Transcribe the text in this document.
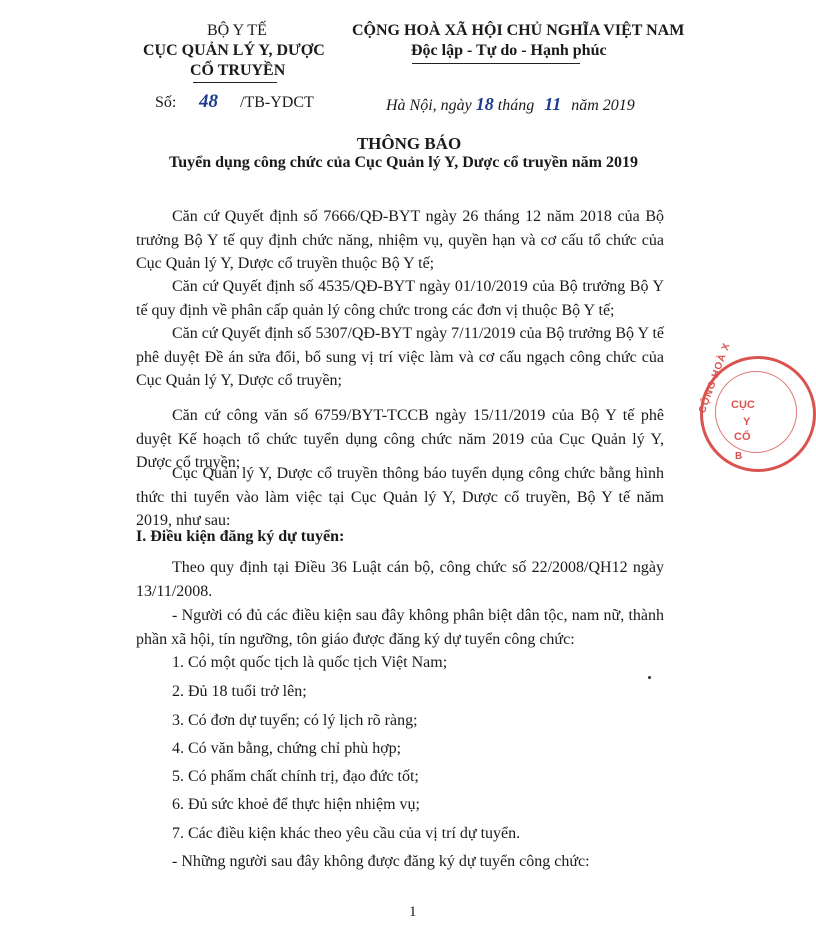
BỘ Y TẾ
CỤC QUẢN LÝ Y, DƯỢC
CỔ TRUYỀN
Số: 48 /TB-YDCT
CỘNG HOÀ XÃ HỘI CHỦ NGHĨA VIỆT NAM
Độc lập - Tự do - Hạnh phúc
Hà Nội, ngày 18 tháng 11 năm 2019
THÔNG BÁO
Tuyển dụng công chức của Cục Quản lý Y, Dược cổ truyền năm 2019

Căn cứ Quyết định số 7666/QĐ-BYT ngày 26 tháng 12 năm 2018 của Bộ trưởng Bộ Y tế quy định chức năng, nhiệm vụ, quyền hạn và cơ cấu tổ chức của Cục Quản lý Y, Dược cổ truyền thuộc Bộ Y tế;

Căn cứ Quyết định số 4535/QĐ-BYT ngày 01/10/2019 của Bộ trưởng Bộ Y tế quy định về phân cấp quản lý công chức trong các đơn vị thuộc Bộ Y tế;

Căn cứ Quyết định số 5307/QĐ-BYT ngày 7/11/2019 của Bộ trưởng Bộ Y tế phê duyệt Đề án sửa đổi, bổ sung vị trí việc làm và cơ cấu ngạch công chức của Cục Quản lý Y, Dược cổ truyền;

Căn cứ công văn số 6759/BYT-TCCB ngày 15/11/2019 của Bộ Y tế phê duyệt Kế hoạch tổ chức tuyển dụng công chức năm 2019 của Cục Quản lý Y, Dược cổ truyền;

Cục Quản lý Y, Dược cổ truyền thông báo tuyển dụng công chức bằng hình thức thi tuyển vào làm việc tại Cục Quản lý Y, Dược cổ truyền, Bộ Y tế năm 2019, như sau:

I. Điều kiện đăng ký dự tuyển:

Theo quy định tại Điều 36 Luật cán bộ, công chức số 22/2008/QH12 ngày 13/11/2008.

- Người có đủ các điều kiện sau đây không phân biệt dân tộc, nam nữ, thành phần xã hội, tín ngưỡng, tôn giáo được đăng ký dự tuyển công chức:

1. Có một quốc tịch là quốc tịch Việt Nam;
2. Đủ 18 tuổi trở lên;
3. Có đơn dự tuyển; có lý lịch rõ ràng;
4. Có văn bằng, chứng chỉ phù hợp;
5. Có phẩm chất chính trị, đạo đức tốt;
6. Đủ sức khoẻ để thực hiện nhiệm vụ;
7. Các điều kiện khác theo yêu cầu của vị trí dự tuyển.
- Những người sau đây không được đăng ký dự tuyển công chức:
1
CỘNG HOÀ X
CỤC
Y
CỔ
B
